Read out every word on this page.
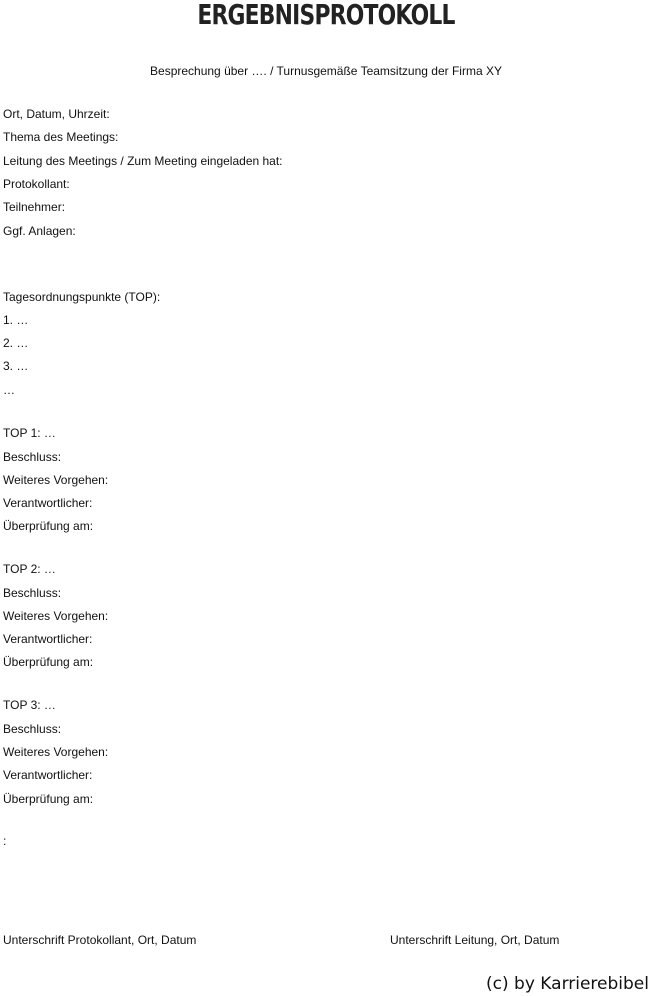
ERGEBNISPROTOKOLL
Besprechung über …. / Turnusgemäße Teamsitzung der Firma XY
Ort, Datum, Uhrzeit:
Thema des Meetings:
Leitung des Meetings / Zum Meeting eingeladen hat:
Protokollant:
Teilnehmer:
Ggf. Anlagen:
Tagesordnungspunkte (TOP):
1. …
2. …
3. …
…
TOP 1: …
Beschluss:
Weiteres Vorgehen:
Verantwortlicher:
Überprüfung am:
TOP 2: …
Beschluss:
Weiteres Vorgehen:
Verantwortlicher:
Überprüfung am:
TOP 3: …
Beschluss:
Weiteres Vorgehen:
Verantwortlicher:
Überprüfung am:
:
Unterschrift Protokollant, Ort, Datum	Unterschrift Leitung, Ort, Datum
(c) by Karrierebibel
